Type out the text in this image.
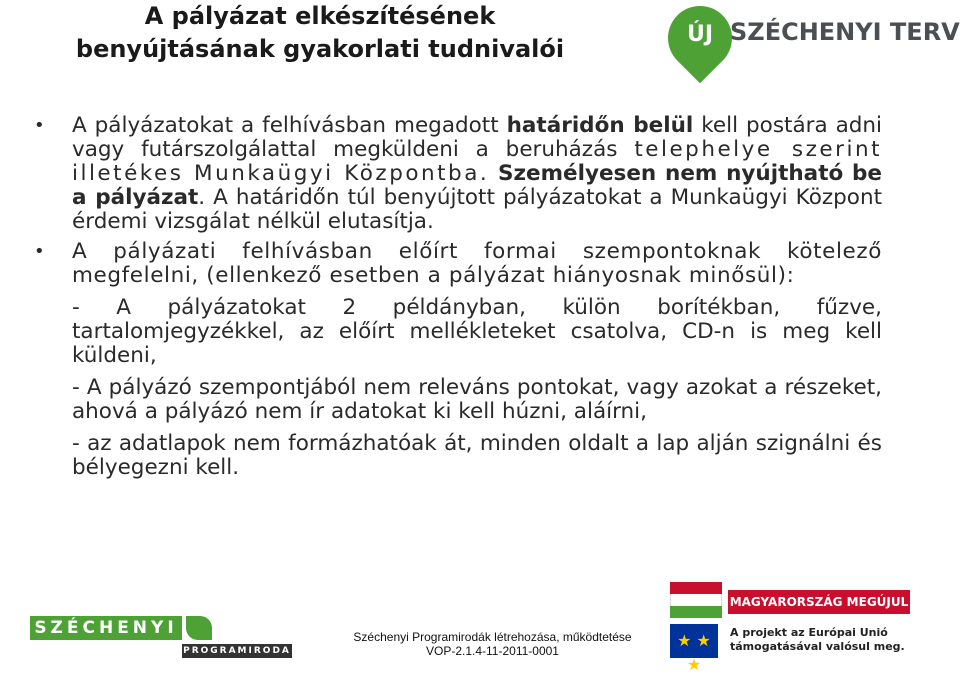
A pályázat elkészítésének
benyújtásának gyakorlati tudnivalói
ÚJ SZÉCHENYI TERV
• A pályázatokat a felhívásban megadott határidőn belül kell postára adni vagy futárszolgálattal megküldeni a beruházás telephelye szerint illetékes Munkaügyi Központba. Személyesen nem nyújtható be a pályázat. A határidőn túl benyújtott pályázatokat a Munkaügyi Központ érdemi vizsgálat nélkül elutasítja.
• A pályázati felhívásban előírt formai szempontoknak kötelező megfelelni, (ellenkező esetben a pályázat hiányosnak minősül):
- A pályázatokat 2 példányban, külön borítékban, fűzve, tartalomjegyzékkel, az előírt mellékleteket csatolva, CD-n is meg kell küldeni,
- A pályázó szempontjából nem releváns pontokat, vagy azokat a részeket, ahová a pályázó nem ír adatokat ki kell húzni, aláírni,
- az adatlapok nem formázhatóak át, minden oldalt a lap alján szignálni és bélyegezni kell.
SZÉCHENYI
PROGRAMIRODA
Széchenyi Programirodák létrehozása, működtetése
VOP-2.1.4-11-2011-0001
MAGYARORSZÁG MEGÚJUL
★ ★ ★
A projekt az Európai Unió
támogatásával valósul meg.
